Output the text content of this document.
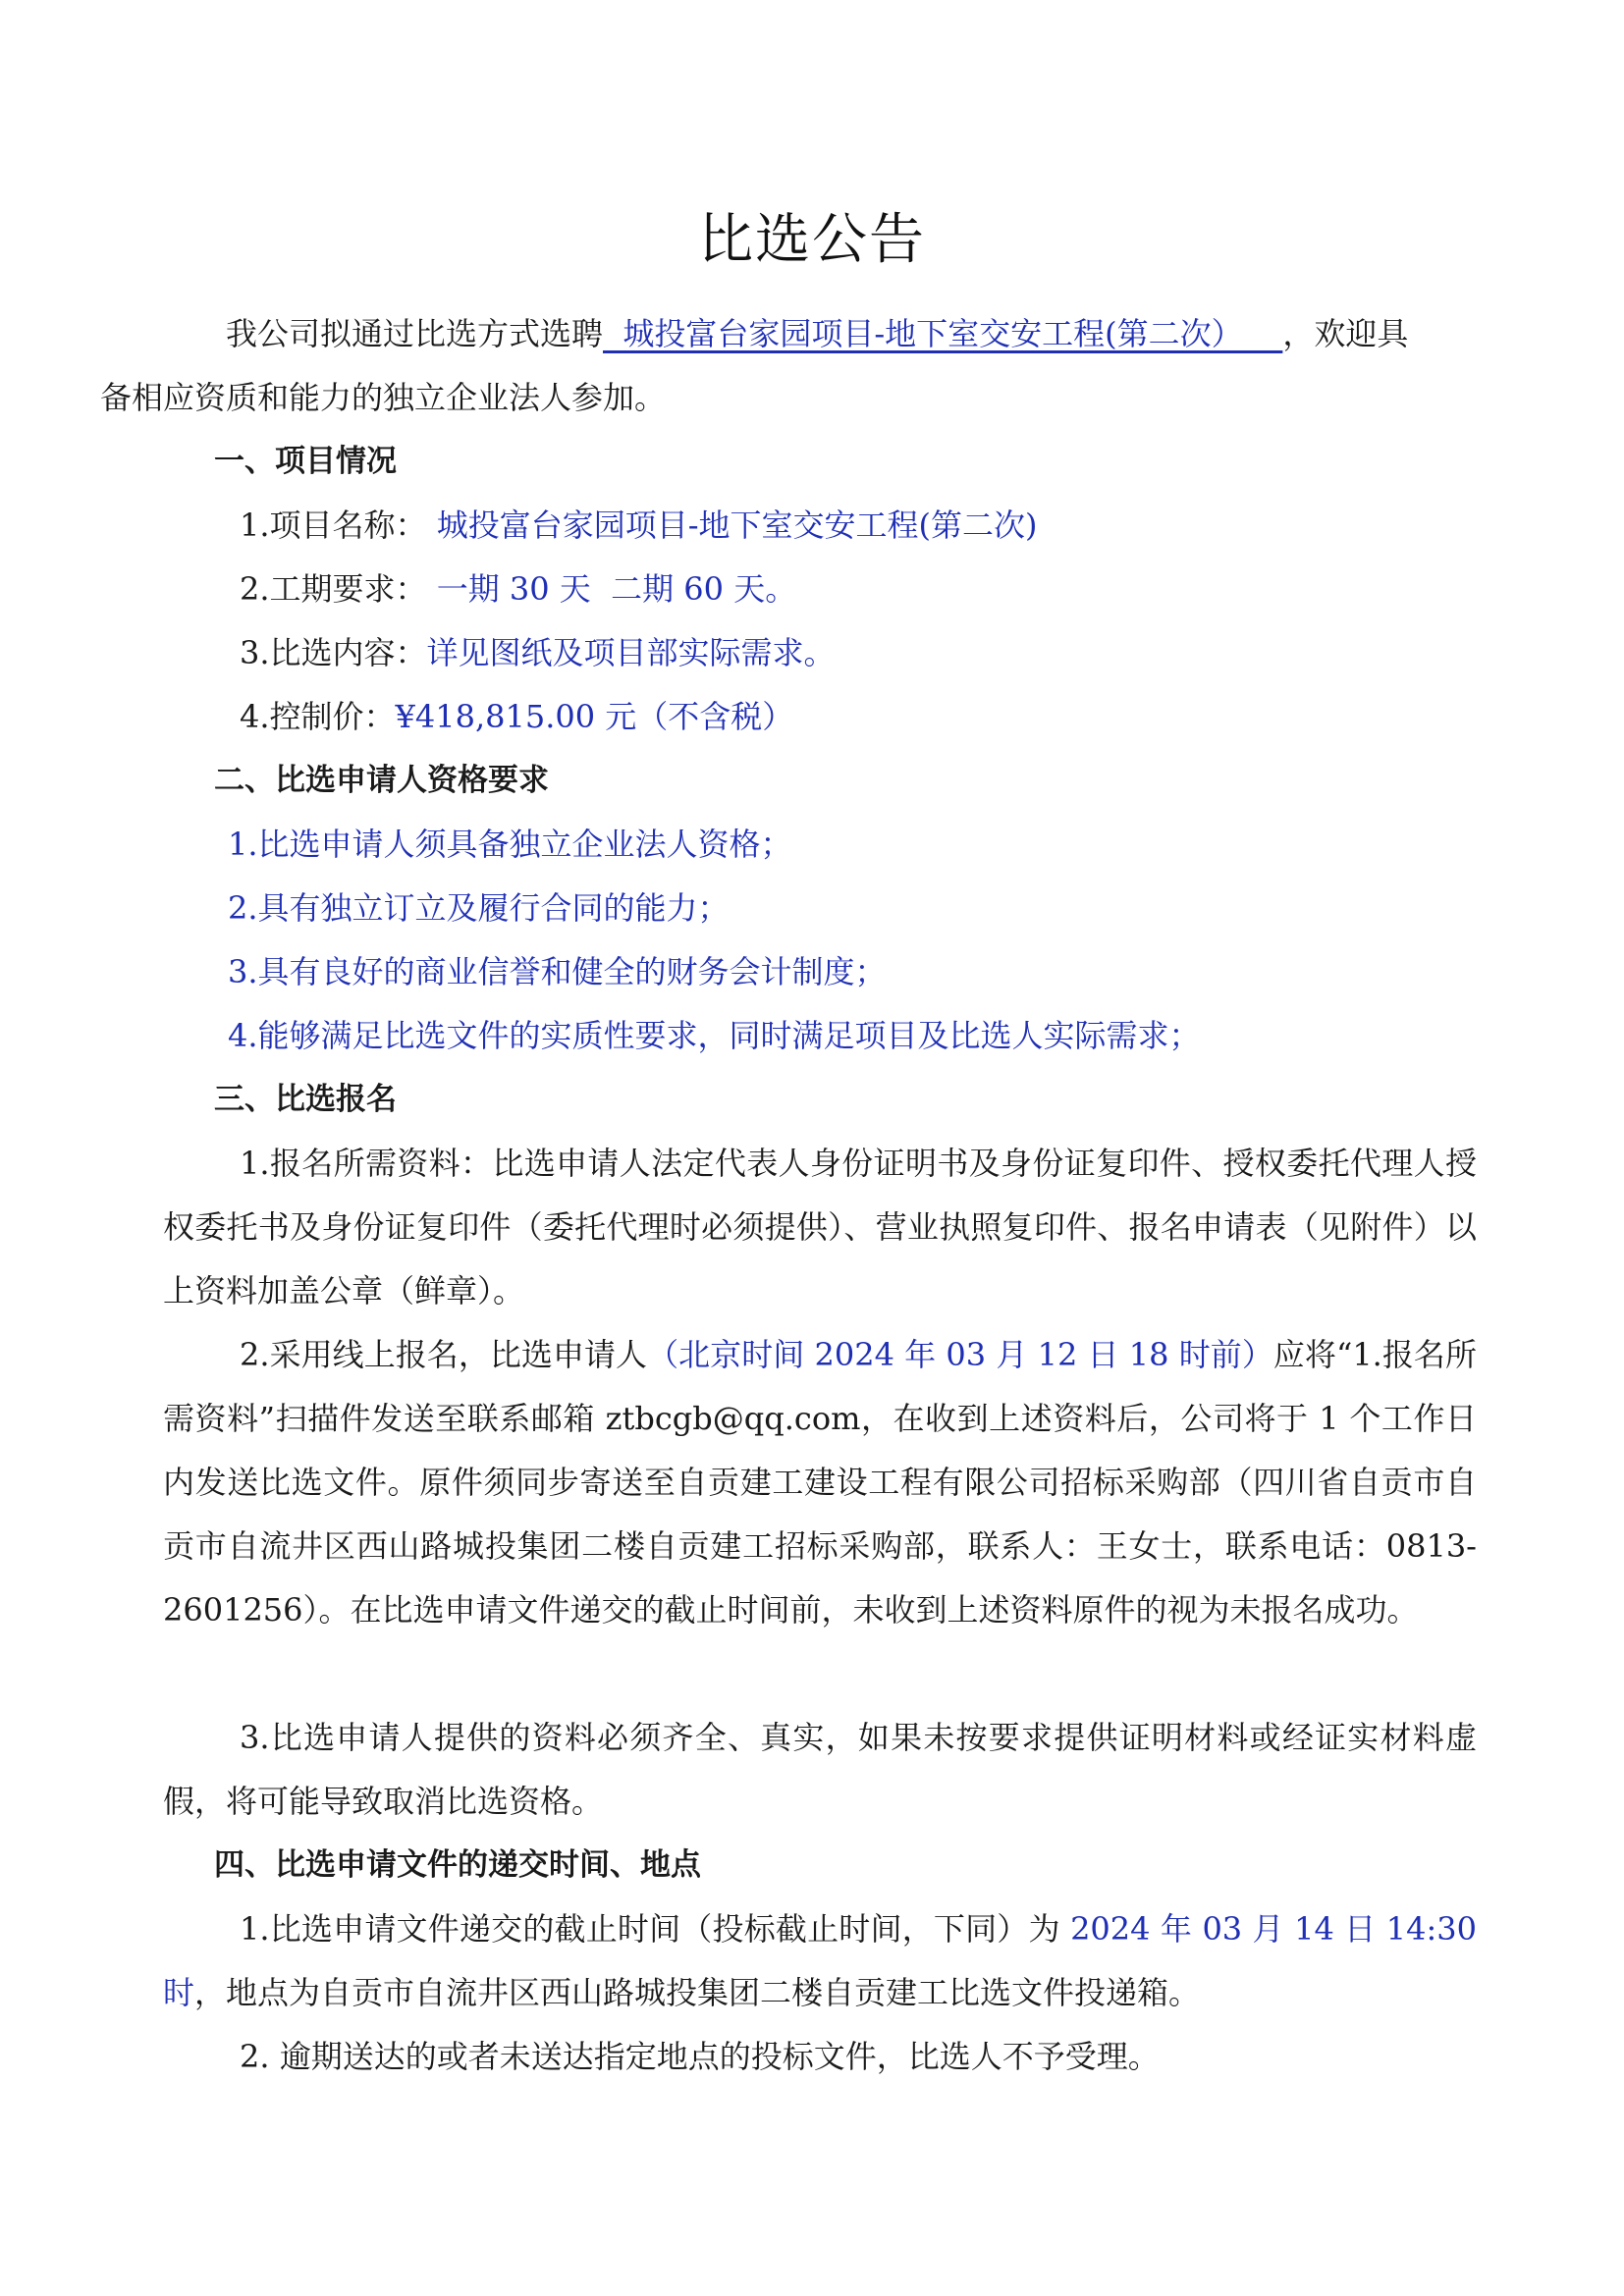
比选公告
我公司拟通过比选方式选聘  城投富台家园项目-地下室交安工程(第二次）    ，欢迎具
备相应资质和能力的独立企业法人参加。
一、项目情况
1.项目名称： 城投富台家园项目-地下室交安工程(第二次)
2.工期要求： 一期 30 天  二期 60 天。
3.比选内容：详见图纸及项目部实际需求。
4.控制价：¥418,815.00 元（不含税）
二、比选申请人资格要求
1.比选申请人须具备独立企业法人资格；
2.具有独立订立及履行合同的能力；
3.具有良好的商业信誉和健全的财务会计制度；
4.能够满足比选文件的实质性要求，同时满足项目及比选人实际需求；
三、比选报名
1.报名所需资料：比选申请人法定代表人身份证明书及身份证复印件、授权委托代理人授权委托书及身份证复印件（委托代理时必须提供）、营业执照复印件、报名申请表（见附件）以上资料加盖公章（鲜章）。
2.采用线上报名，比选申请人（北京时间 2024 年 03 月 12 日 18 时前）应将“1.报名所需资料”扫描件发送至联系邮箱 ztbcgb@qq.com，在收到上述资料后，公司将于 1 个工作日内发送比选文件。原件须同步寄送至自贡建工建设工程有限公司招标采购部（四川省自贡市自贡市自流井区西山路城投集团二楼自贡建工招标采购部，联系人：王女士，联系电话：0813-2601256）。在比选申请文件递交的截止时间前，未收到上述资料原件的视为未报名成功。
3.比选申请人提供的资料必须齐全、真实，如果未按要求提供证明材料或经证实材料虚假，将可能导致取消比选资格。
四、比选申请文件的递交时间、地点
1.比选申请文件递交的截止时间（投标截止时间，下同）为 2024 年 03 月 14 日 14:30 时，地点为自贡市自流井区西山路城投集团二楼自贡建工比选文件投递箱。
2. 逾期送达的或者未送达指定地点的投标文件，比选人不予受理。
